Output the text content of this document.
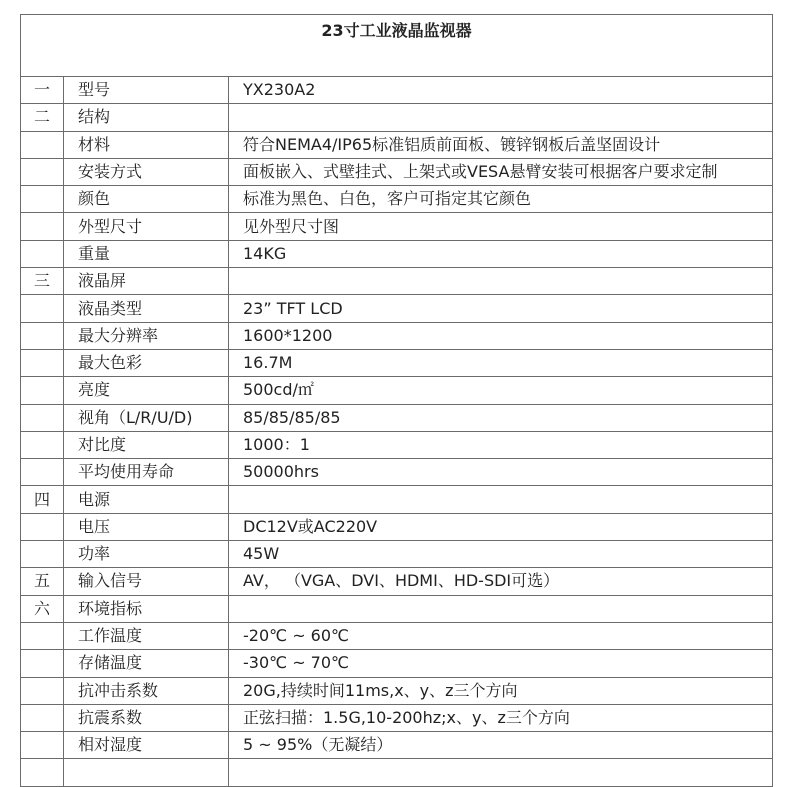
23寸工业液晶监视器		
一	型号	YX230A2
二	结构	
	材料	符合NEMA4/IP65标准铝质前面板、镀锌钢板后盖坚固设计
	安装方式	面板嵌入、式壁挂式、上架式或VESA悬臂安装可根据客户要求定制
	颜色	标准为黑色、白色，客户可指定其它颜色
	外型尺寸	见外型尺寸图
	重量	14KG
三	液晶屏	
	液晶类型	23” TFT LCD
	最大分辨率	1600*1200
	最大色彩	16.7M
	亮度	500cd/㎡
	视角（L/R/U/D)	85/85/85/85
	对比度	1000：1
	平均使用寿命	50000hrs
四	电源	
	电压	DC12V或AC220V
	功率	45W
五	输入信号	AV， （VGA、DVI、HDMI、HD-SDI可选）
六	环境指标	
	工作温度	-20℃ ~ 60℃
	存储温度	-30℃ ~ 70℃
	抗冲击系数	20G,持续时间11ms,x、y、z三个方向
	抗震系数	正弦扫描：1.5G,10-200hz;x、y、z三个方向
	相对湿度	5 ~ 95%（无凝结）
